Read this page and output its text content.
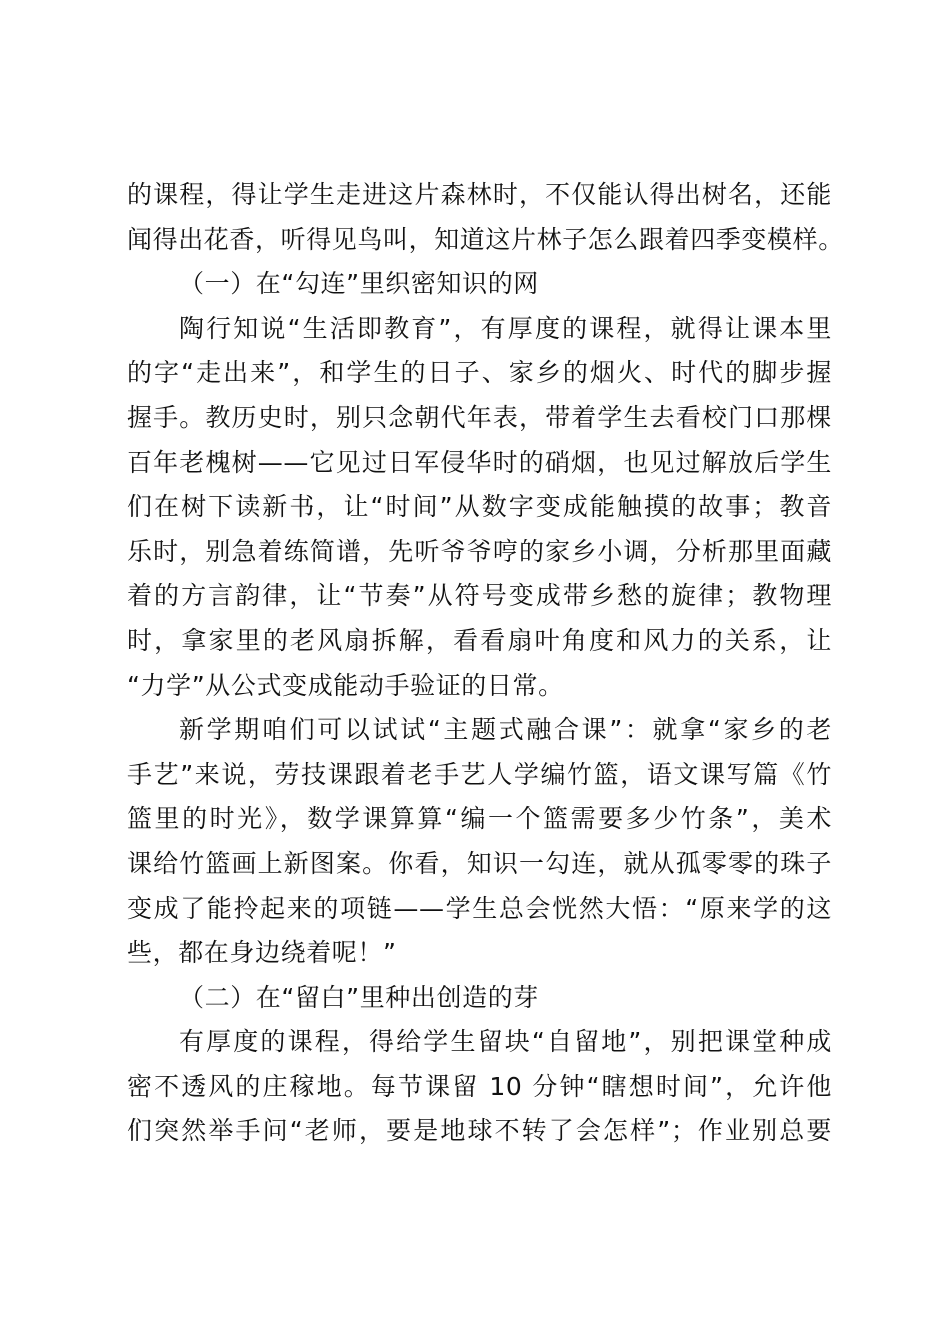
的课程，得让学生走进这片森林时，不仅能认得出树名，还能
闻得出花香，听得见鸟叫，知道这片林子怎么跟着四季变模样。

（一）在“勾连”里织密知识的网

陶行知说“生活即教育”，有厚度的课程，就得让课本里
的字“走出来”，和学生的日子、家乡的烟火、时代的脚步握
握手。教历史时，别只念朝代年表，带着学生去看校门口那棵
百年老槐树——它见过日军侵华时的硝烟，也见过解放后学生
们在树下读新书，让“时间”从数字变成能触摸的故事；教音
乐时，别急着练简谱，先听爷爷哼的家乡小调，分析那里面藏
着的方言韵律，让“节奏”从符号变成带乡愁的旋律；教物理
时，拿家里的老风扇拆解，看看扇叶角度和风力的关系，让
“力学”从公式变成能动手验证的日常。

新学期咱们可以试试“主题式融合课”：就拿“家乡的老
手艺”来说，劳技课跟着老手艺人学编竹篮，语文课写篇《竹
篮里的时光》，数学课算算“编一个篮需要多少竹条”，美术
课给竹篮画上新图案。你看，知识一勾连，就从孤零零的珠子
变成了能拎起来的项链——学生总会恍然大悟：“原来学的这
些，都在身边绕着呢！”

（二）在“留白”里种出创造的芽

有厚度的课程，得给学生留块“自留地”，别把课堂种成
密不透风的庄稼地。每节课留 10 分钟“瞎想时间”，允许他
们突然举手问“老师，要是地球不转了会怎样”；作业别总要
